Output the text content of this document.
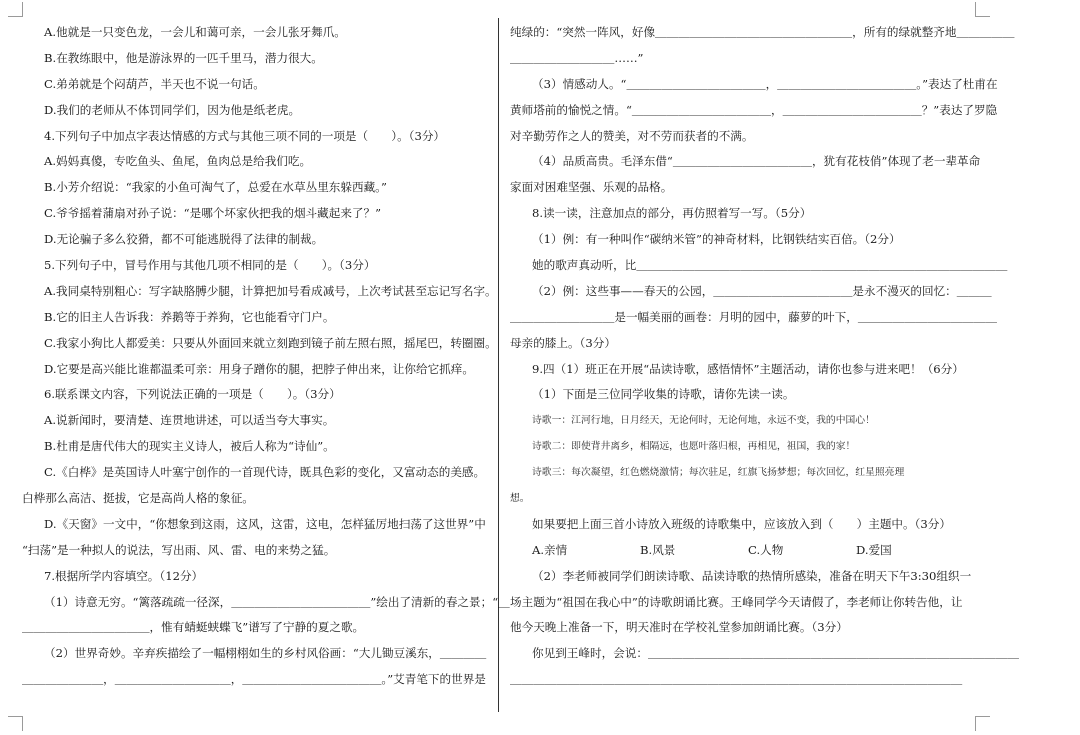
A.他就是一只变色龙，一会儿和蔼可亲，一会儿张牙舞爪。
B.在教练眼中，他是游泳界的一匹千里马，潜力很大。
C.弟弟就是个闷葫芦，半天也不说一句话。
D.我们的老师从不体罚同学们，因为他是纸老虎。
4.下列句子中加点字表达情感的方式与其他三项不同的一项是（　　）。（3分）
A.妈妈真傻，专吃鱼头、鱼尾，鱼肉总是给我们吃。
B.小芳介绍说：“我家的小鱼可淘气了，总爱在水草丛里东躲西藏。”
C.爷爷摇着蒲扇对孙子说：“是哪个坏家伙把我的烟斗藏起来了？”
D.无论骗子多么狡猾，都不可能逃脱得了法律的制裁。
5.下列句子中，冒号作用与其他几项不相同的是（　　）。（3分）
A.我同桌特别粗心：写字缺胳膊少腿，计算把加号看成减号，上次考试甚至忘记写名字。
B.它的旧主人告诉我：养鹅等于养狗，它也能看守门户。
C.我家小狗比人都爱美：只要从外面回来就立刻跑到镜子前左照右照，摇尾巴，转圈圈。
D.它要是高兴能比谁都温柔可亲：用身子蹭你的腿，把脖子伸出来，让你给它抓痒。
6.联系课文内容，下列说法正确的一项是（　　）。（3分）
A.说新闻时，要清楚、连贯地讲述，可以适当夸大事实。
B.杜甫是唐代伟大的现实主义诗人，被后人称为“诗仙”。
C.《白桦》是英国诗人叶塞宁创作的一首现代诗，既具色彩的变化，又富动态的美感。
白桦那么高洁、挺拔，它是高尚人格的象征。
D.《天窗》一文中，“你想象到这雨，这风，这雷，这电，怎样猛厉地扫荡了这世界”中
“扫荡”是一种拟人的说法，写出雨、风、雷、电的来势之猛。
7.根据所学内容填空。（12分）
（1）诗意无穷。“篱落疏疏一径深，＿＿＿＿＿＿＿＿＿＿＿＿”绘出了清新的春之景；“＿
＿＿＿＿＿＿＿＿＿＿＿，惟有蜻蜓蛱蝶飞”谱写了宁静的夏之歌。
（2）世界奇妙。辛弃疾描绘了一幅栩栩如生的乡村风俗画：“大儿锄豆溪东，＿＿＿＿
＿＿＿＿＿＿＿，＿＿＿＿＿＿＿＿＿＿，＿＿＿＿＿＿＿＿＿＿＿＿。”艾青笔下的世界是
纯绿的：“突然一阵风，好像＿＿＿＿＿＿＿＿＿＿＿＿＿＿＿＿＿，所有的绿就整齐地＿＿＿＿＿
＿＿＿＿＿＿＿＿＿……”
（3）情感动人。“＿＿＿＿＿＿＿＿＿＿＿＿，＿＿＿＿＿＿＿＿＿＿＿＿。”表达了杜甫在
黄师塔前的愉悦之情。“＿＿＿＿＿＿＿＿＿＿＿＿，＿＿＿＿＿＿＿＿＿＿＿＿？”表达了罗隐
对辛勤劳作之人的赞美，对不劳而获者的不满。
（4）品质高贵。毛泽东借“＿＿＿＿＿＿＿＿＿＿＿＿，犹有花枝俏”体现了老一辈革命
家面对困难坚强、乐观的品格。
8.读一读，注意加点的部分，再仿照着写一写。（5分）
（1）例：有一种叫作“碳纳米管”的神奇材料，比钢铁结实百倍。（2分）
她的歌声真动听，比＿＿＿＿＿＿＿＿＿＿＿＿＿＿＿＿＿＿＿＿＿＿＿＿＿＿＿＿＿＿＿＿
（2）例：这些事——春天的公园，＿＿＿＿＿＿＿＿＿＿＿＿是永不漫灭的回忆：＿＿＿
＿＿＿＿＿＿＿＿＿是一幅美丽的画卷：月明的园中，藤萝的叶下，＿＿＿＿＿＿＿＿＿＿＿＿
母亲的膝上。（3分）
9.四（1）班正在开展“品读诗歌，感悟情怀”主题活动，请你也参与进来吧！（6分）
（1）下面是三位同学收集的诗歌，请你先读一读。
诗歌一：江河行地，日月经天，无论何时，无论何地，永远不变，我的中国心！
诗歌二：即使背井离乡，相隔远，也愿叶落归根，再相见，祖国，我的家！
诗歌三：每次凝望，红色燃烧激情；每次驻足，红旗飞扬梦想；每次回忆，红星照亮理
想。
如果要把上面三首小诗放入班级的诗歌集中，应该放入到（　　）主题中。（3分）
A.亲情	B.风景	C.人物	D.爱国
（2）李老师被同学们朗读诗歌、品读诗歌的热情所感染，准备在明天下午3:30组织一
场主题为“祖国在我心中”的诗歌朗诵比赛。王峰同学今天请假了，李老师让你转告他，让
他今天晚上准备一下，明天准时在学校礼堂参加朗诵比赛。（3分）
你见到王峰时，会说：＿＿＿＿＿＿＿＿＿＿＿＿＿＿＿＿＿＿＿＿＿＿＿＿＿＿＿＿＿＿＿＿
＿＿＿＿＿＿＿＿＿＿＿＿＿＿＿＿＿＿＿＿＿＿＿＿＿＿＿＿＿＿＿＿＿＿＿＿＿＿＿
